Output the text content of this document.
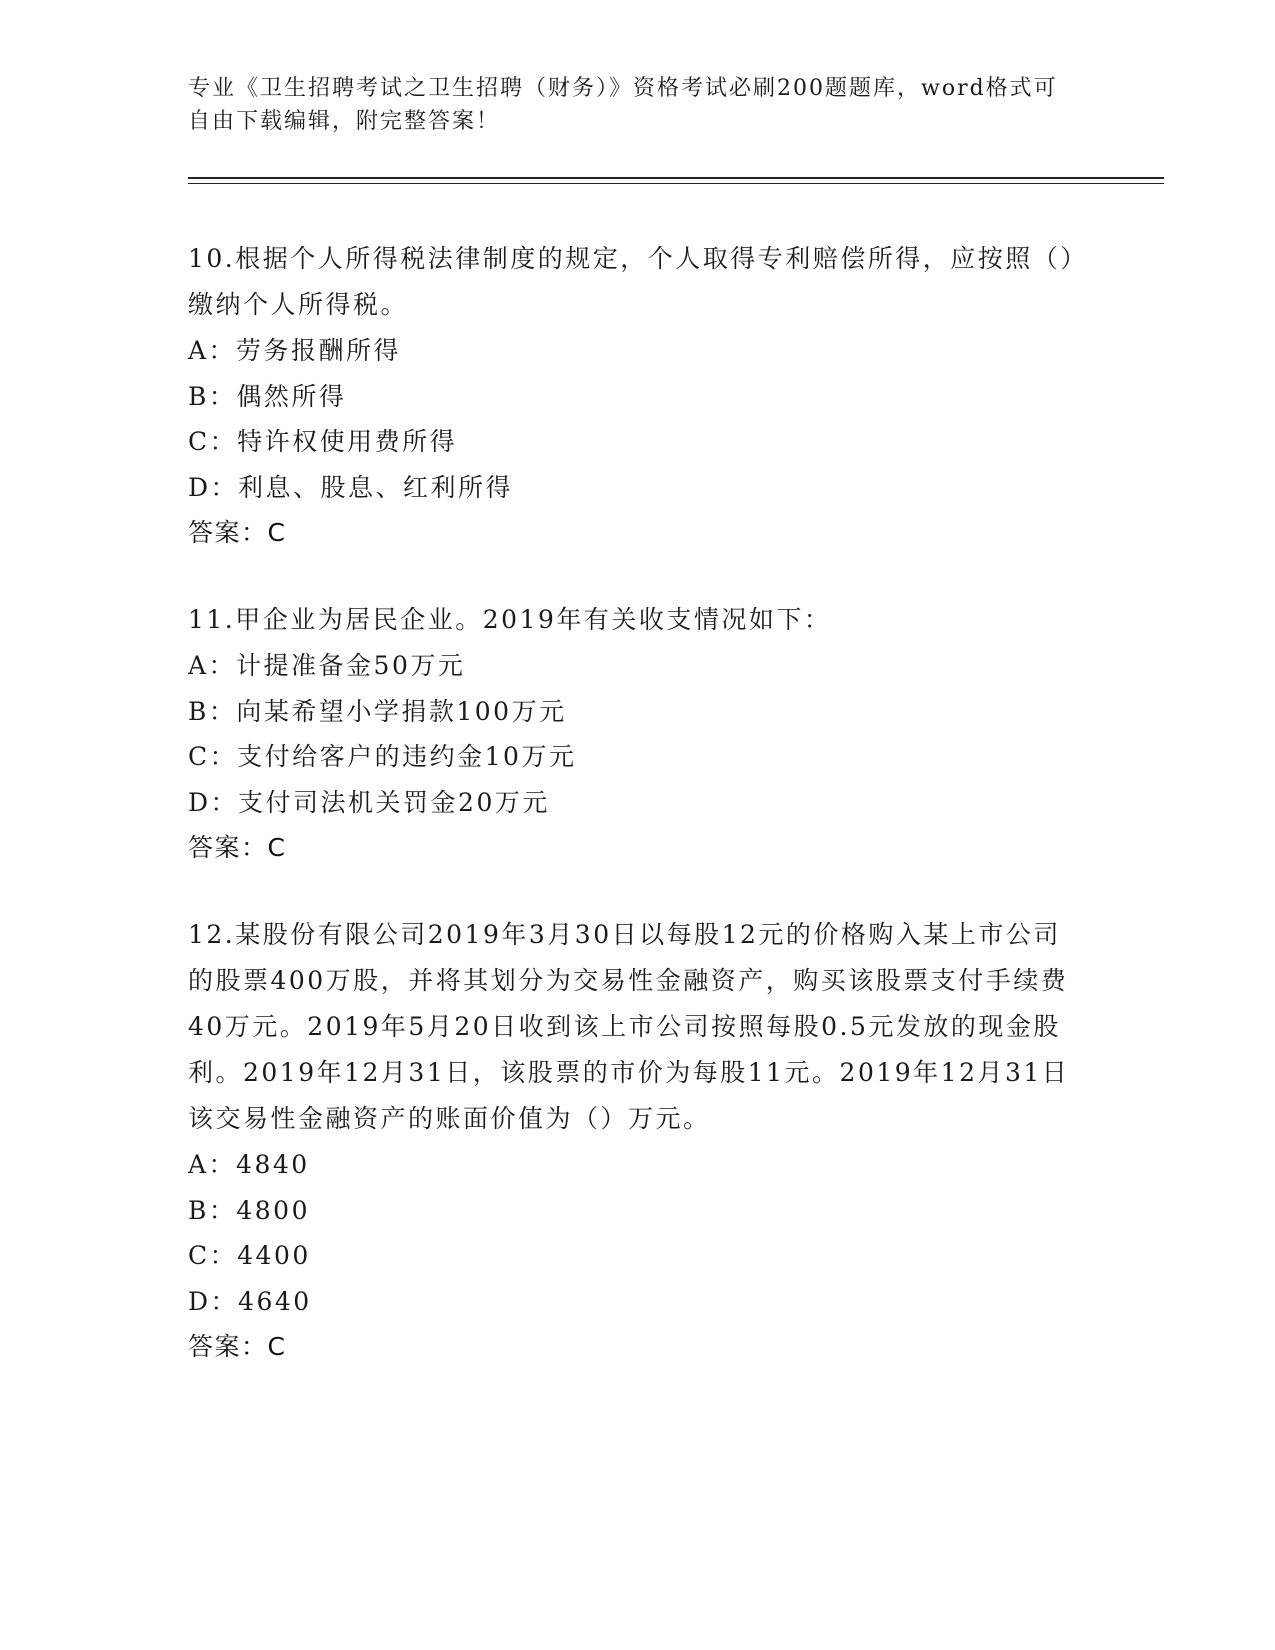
专业《卫生招聘考试之卫生招聘（财务）》资格考试必刷200题题库，word格式可自由下载编辑，附完整答案！

10.根据个人所得税法律制度的规定，个人取得专利赔偿所得，应按照（）缴纳个人所得税。

A：劳务报酬所得

B：偶然所得

C：特许权使用费所得

D：利息、股息、红利所得

答案：C

11.甲企业为居民企业。2019年有关收支情况如下：

A：计提准备金50万元

B：向某希望小学捐款100万元

C：支付给客户的违约金10万元

D：支付司法机关罚金20万元

答案：C

12.某股份有限公司2019年3月30日以每股12元的价格购入某上市公司的股票400万股，并将其划分为交易性金融资产，购买该股票支付手续费40万元。2019年5月20日收到该上市公司按照每股0.5元发放的现金股利。2019年12月31日，该股票的市价为每股11元。2019年12月31日该交易性金融资产的账面价值为（）万元。

A：4840

B：4800

C：4400

D：4640

答案：C
